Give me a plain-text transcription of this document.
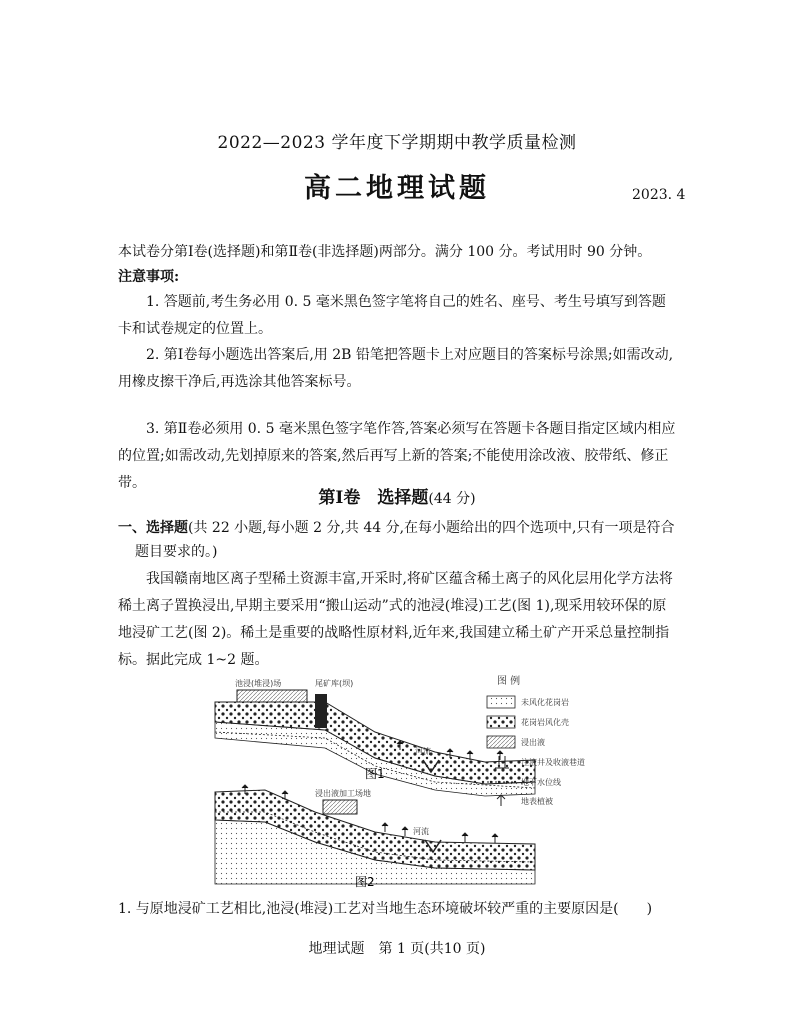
2022—2023 学年度下学期期中教学质量检测
高二地理试题	2023. 4
本试卷分第Ⅰ卷(选择题)和第Ⅱ卷(非选择题)两部分。满分 100 分。考试用时 90 分钟。
注意事项:
1. 答题前,考生务必用 0. 5 毫米黑色签字笔将自己的姓名、座号、考生号填写到答题卡和试卷规定的位置上。
2. 第Ⅰ卷每小题选出答案后,用 2B 铅笔把答题卡上对应题目的答案标号涂黑;如需改动,用橡皮擦干净后,再选涂其他答案标号。
3. 第Ⅱ卷必须用 0. 5 毫米黑色签字笔作答,答案必须写在答题卡各题目指定区域内相应的位置;如需改动,先划掉原来的答案,然后再写上新的答案;不能使用涂改液、胶带纸、修正带。
第Ⅰ卷　选择题(44 分)
一、选择题(共 22 小题,每小题 2 分,共 44 分,在每小题给出的四个选项中,只有一项是符合
题目要求的。)
我国赣南地区离子型稀土资源丰富,开采时,将矿区蕴含稀土离子的风化层用化学方法将稀土离子置换浸出,早期主要采用“搬山运动”式的池浸(堆浸)工艺(图 1),现采用较环保的原地浸矿工艺(图 2)。稀土是重要的战略性原材料,近年来,我国建立稀土矿产开采总量控制指标。据此完成 1~2 题。
池浸(堆浸)场	尾矿库(坝)
河流
图1
浸出液加工场地
河流
图2
图 例
未风化花岗岩
花岗岩风化壳
浸出液
注液井及收液巷道
地下水位线
地表植被
1. 与原地浸矿工艺相比,池浸(堆浸)工艺对当地生态环境破坏较严重的主要原因是(　　)
地理试题　第 1 页(共10 页)
